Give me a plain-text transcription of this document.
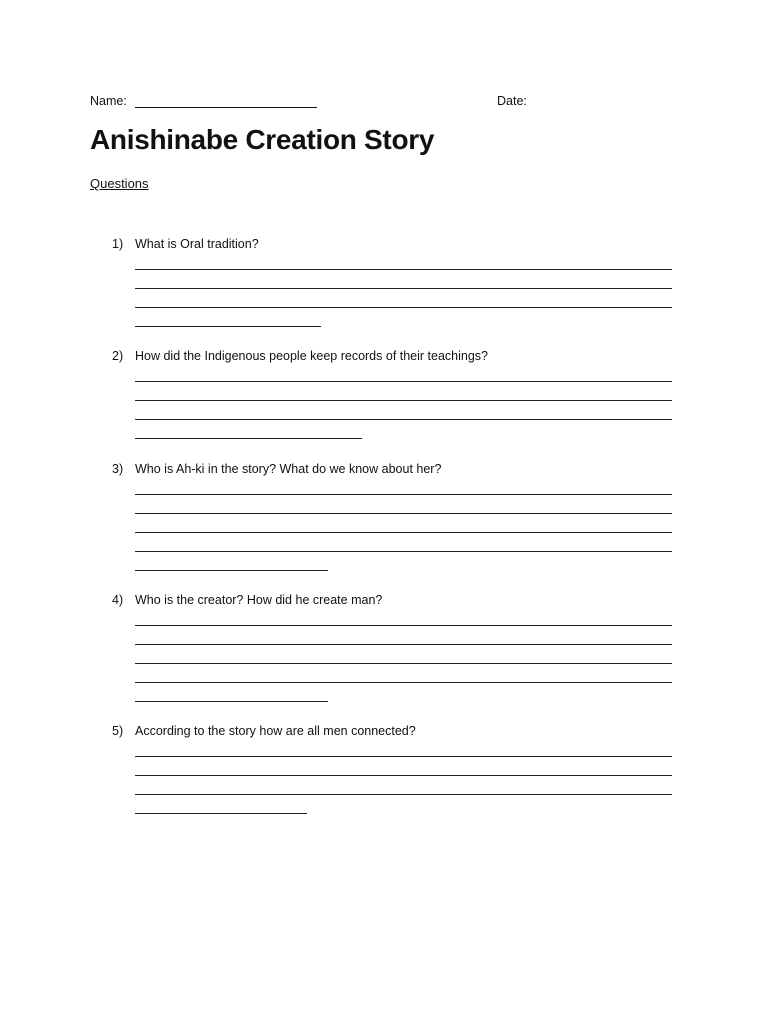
Name:	Date:
Anishinabe Creation Story
Questions
1) What is Oral tradition?
2) How did the Indigenous people keep records of their teachings?
3) Who is Ah-ki in the story? What do we know about her?
4) Who is the creator? How did he create man?
5) According to the story how are all men connected?
